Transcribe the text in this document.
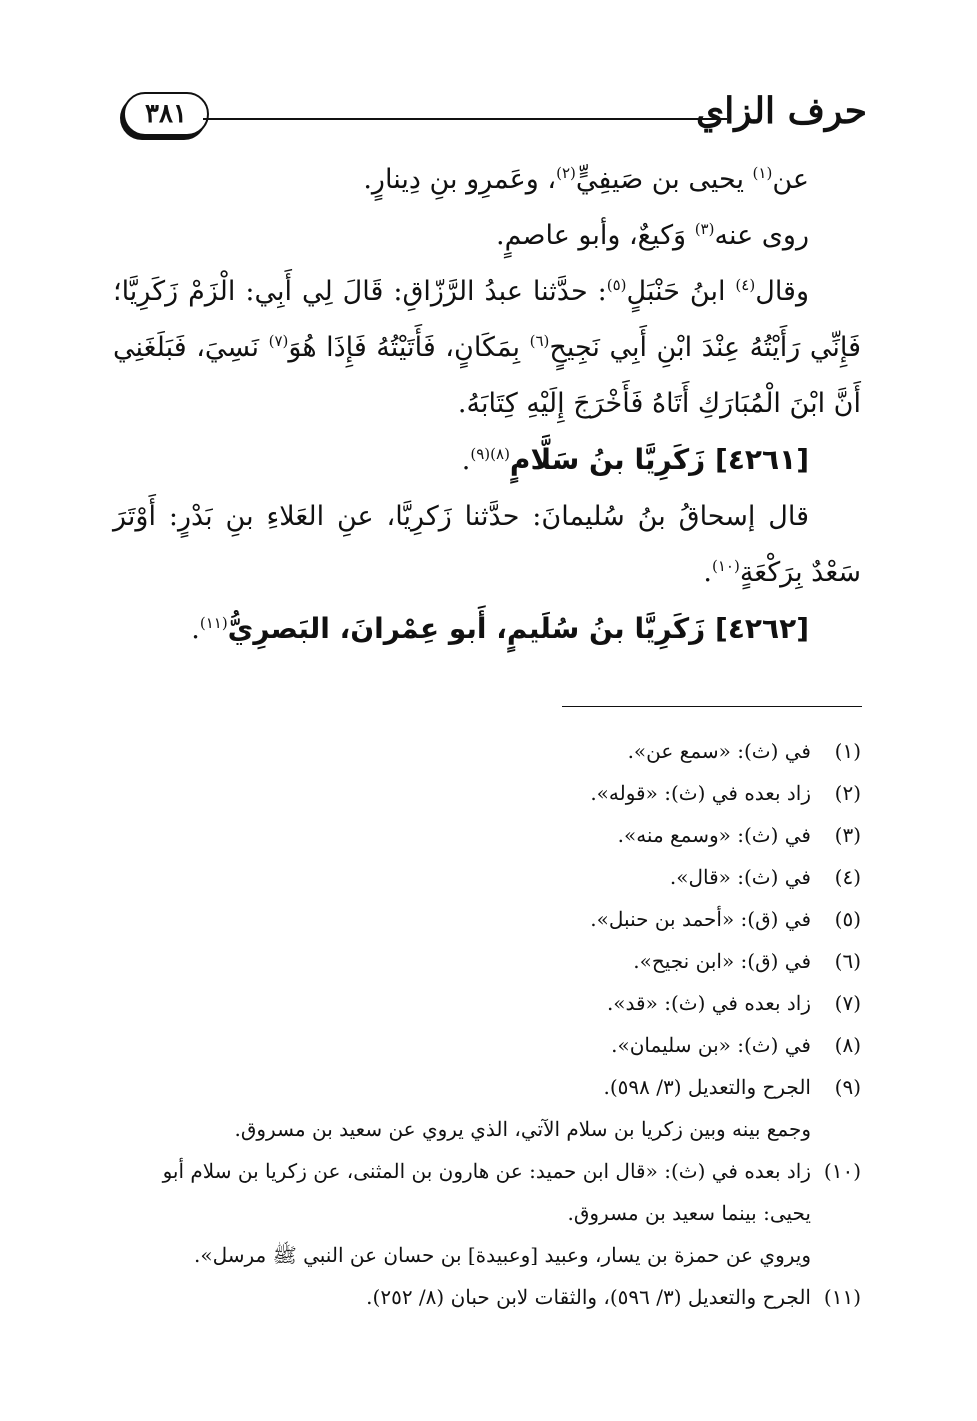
٣٨١	حرف الزاي

عن$^{(١)}$ يحيى بن صَيفِيٍّ$^{(٢)}$، وعَمرِو بنِ دِينارٍ.

روى عنه$^{(٣)}$ وَكيعٌ، وأبو عاصمٍ.

وقال$^{(٤)}$ ابنُ حَنْبَلٍ$^{(٥)}$: حدَّثنا عبدُ الرَّزّاقِ: قَالَ لِي أَبِي: الْزَمْ زَكَرِيَّا؛ فَإِنِّي رَأَيْتُهُ عِنْدَ ابْنِ أَبِي نَجِيحٍ$^{(٦)}$ بِمَكَانٍ، فَأَتَيْتُهُ فَإِذَا هُوَ$^{(٧)}$ نَسِيَ، فَبَلَغَنِي أَنَّ ابْنَ الْمُبَارَكِ أَتَاهُ فَأَخْرَجَ إِلَيْهِ كِتَابَهُ.

[٤٢٦١] زَكَرِيَّا بنُ سَلَّامٍ$^{(٨)(٩)}$.

قال إسحاقُ بنُ سُليمانَ: حدَّثنا زَكرِيَّا، عنِ العَلاءِ بنِ بَدْرٍ: أَوْتَرَ سَعْدٌ بِرَكْعَةٍ$^{(١٠)}$.

[٤٢٦٢] زَكَرِيَّا بنُ سُلَيمٍ، أَبو عِمْرانَ، البَصرِيُّ$^{(١١)}$.

(١)
في (ث): «سمع عن».
(٢)
زاد بعده في (ث): «قوله».
(٣)
في (ث): «وسمع منه».
(٤)
في (ث): «قال».
(٥)
في (ق): «أحمد بن حنبل».
(٦)
في (ق): «ابن نجيح».
(٧)
زاد بعده في (ث): «قد».
(٨)
في (ث): «بن سليمان».
(٩)
الجرح والتعديل (٣/ ٥٩٨).
وجمع بينه وبين زكريا بن سلام الآتي، الذي يروي عن سعيد بن مسروق.
(١٠)
زاد بعده في (ث): «قال ابن حميد: عن هارون بن المثنى، عن زكريا بن سلام أبو يحيى: بينما سعيد بن مسروق.
ويروي عن حمزة بن يسار، وعبيد [وعبيدة] بن حسان عن النبي ﷺ مرسل».
(١١)
الجرح والتعديل (٣/ ٥٩٦)، والثقات لابن حبان (٨/ ٢٥٢).
